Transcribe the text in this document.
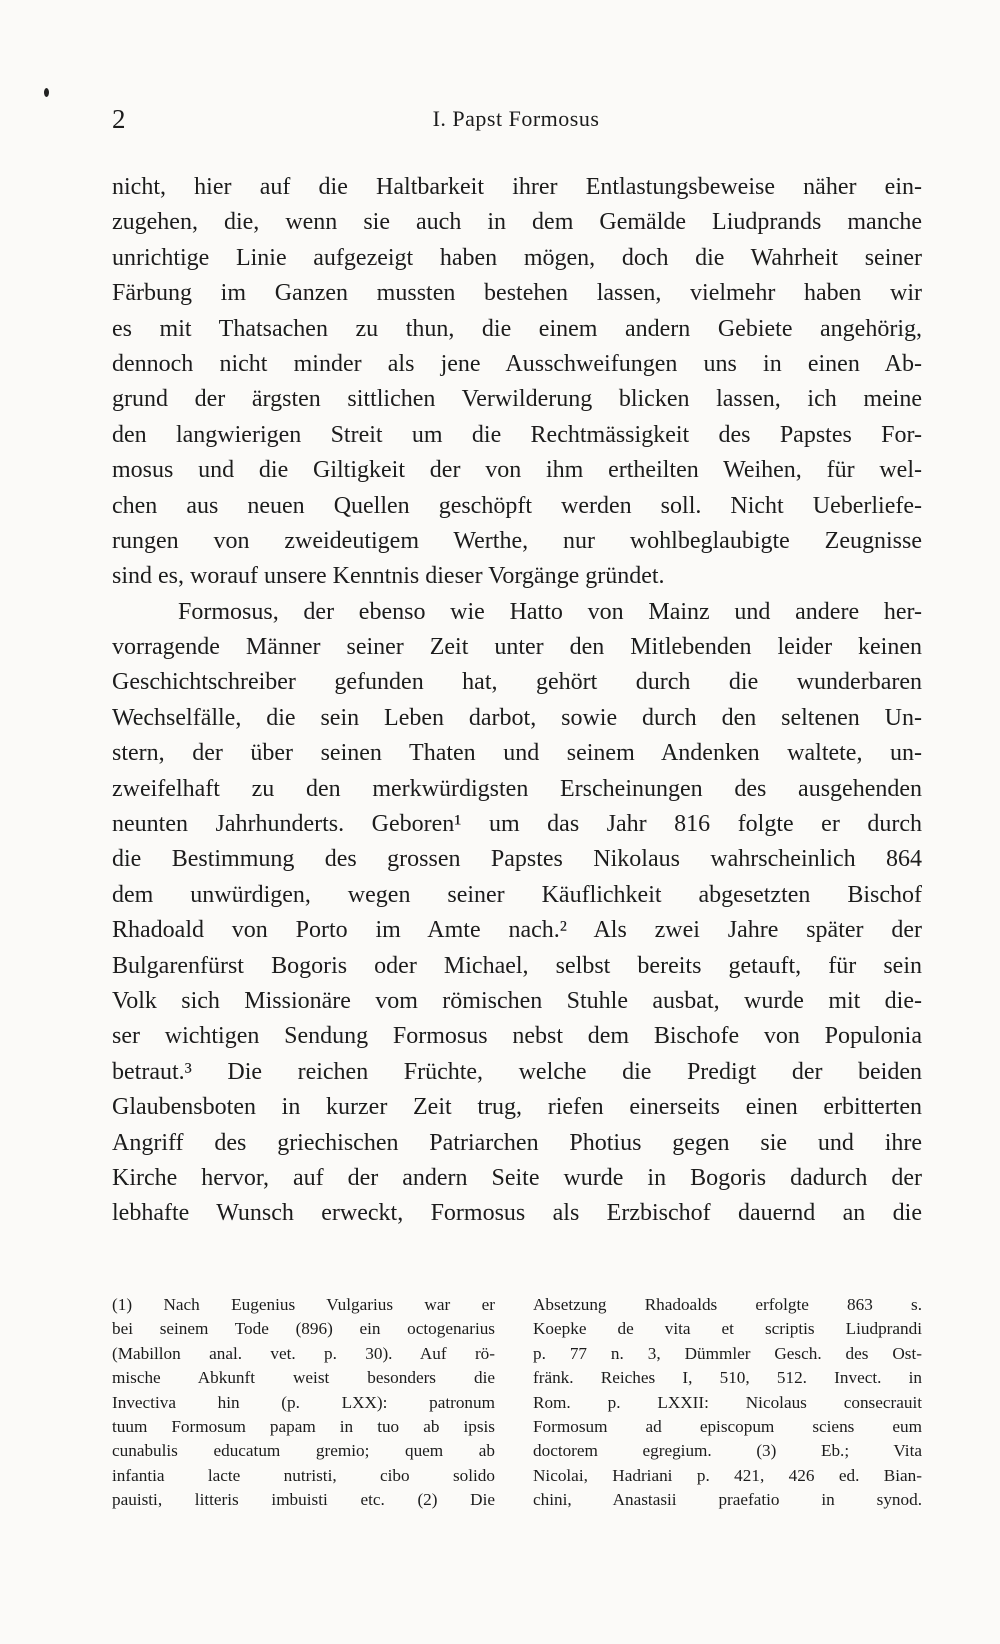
2	I. Papst Formosus
nicht, hier auf die Haltbarkeit ihrer Entlastungsbeweise näher ein-
zugehen, die, wenn sie auch in dem Gemälde Liudprands manche
unrichtige Linie aufgezeigt haben mögen, doch die Wahrheit seiner
Färbung im Ganzen mussten bestehen lassen, vielmehr haben wir
es mit Thatsachen zu thun, die einem andern Gebiete angehörig,
dennoch nicht minder als jene Ausschweifungen uns in einen Ab-
grund der ärgsten sittlichen Verwilderung blicken lassen, ich meine
den langwierigen Streit um die Rechtmässigkeit des Papstes For-
mosus und die Giltigkeit der von ihm ertheilten Weihen, für wel-
chen aus neuen Quellen geschöpft werden soll. Nicht Ueberliefe-
rungen von zweideutigem Werthe, nur wohlbeglaubigte Zeugnisse
sind es, worauf unsere Kenntnis dieser Vorgänge gründet.
Formosus, der ebenso wie Hatto von Mainz und andere her-
vorragende Männer seiner Zeit unter den Mitlebenden leider keinen
Geschichtschreiber gefunden hat, gehört durch die wunderbaren
Wechselfälle, die sein Leben darbot, sowie durch den seltenen Un-
stern, der über seinen Thaten und seinem Andenken waltete, un-
zweifelhaft zu den merkwürdigsten Erscheinungen des ausgehenden
neunten Jahrhunderts. Geboren¹ um das Jahr 816 folgte er durch
die Bestimmung des grossen Papstes Nikolaus wahrscheinlich 864
dem unwürdigen, wegen seiner Käuflichkeit abgesetzten Bischof
Rhadoald von Porto im Amte nach.² Als zwei Jahre später der
Bulgarenfürst Bogoris oder Michael, selbst bereits getauft, für sein
Volk sich Missionäre vom römischen Stuhle ausbat, wurde mit die-
ser wichtigen Sendung Formosus nebst dem Bischofe von Populonia
betraut.³ Die reichen Früchte, welche die Predigt der beiden
Glaubensboten in kurzer Zeit trug, riefen einerseits einen erbitterten
Angriff des griechischen Patriarchen Photius gegen sie und ihre
Kirche hervor, auf der andern Seite wurde in Bogoris dadurch der
lebhafte Wunsch erweckt, Formosus als Erzbischof dauernd an die
(1) Nach Eugenius Vulgarius war er
bei seinem Tode (896) ein octogenarius
(Mabillon anal. vet. p. 30). Auf rö-
mische Abkunft weist besonders die
Invectiva hin (p. LXX): patronum
tuum Formosum papam in tuo ab ipsis
cunabulis educatum gremio; quem ab
infantia lacte nutristi, cibo solido
pauisti, litteris imbuisti etc. (2) Die
Absetzung Rhadoalds erfolgte 863 s.
Koepke de vita et scriptis Liudprandi
p. 77 n. 3, Dümmler Gesch. des Ost-
fränk. Reiches I, 510, 512. Invect. in
Rom. p. LXXII: Nicolaus consecrauit
Formosum ad episcopum sciens eum
doctorem egregium. (3) Eb.; Vita
Nicolai, Hadriani p. 421, 426 ed. Bian-
chini, Anastasii praefatio in synod.
